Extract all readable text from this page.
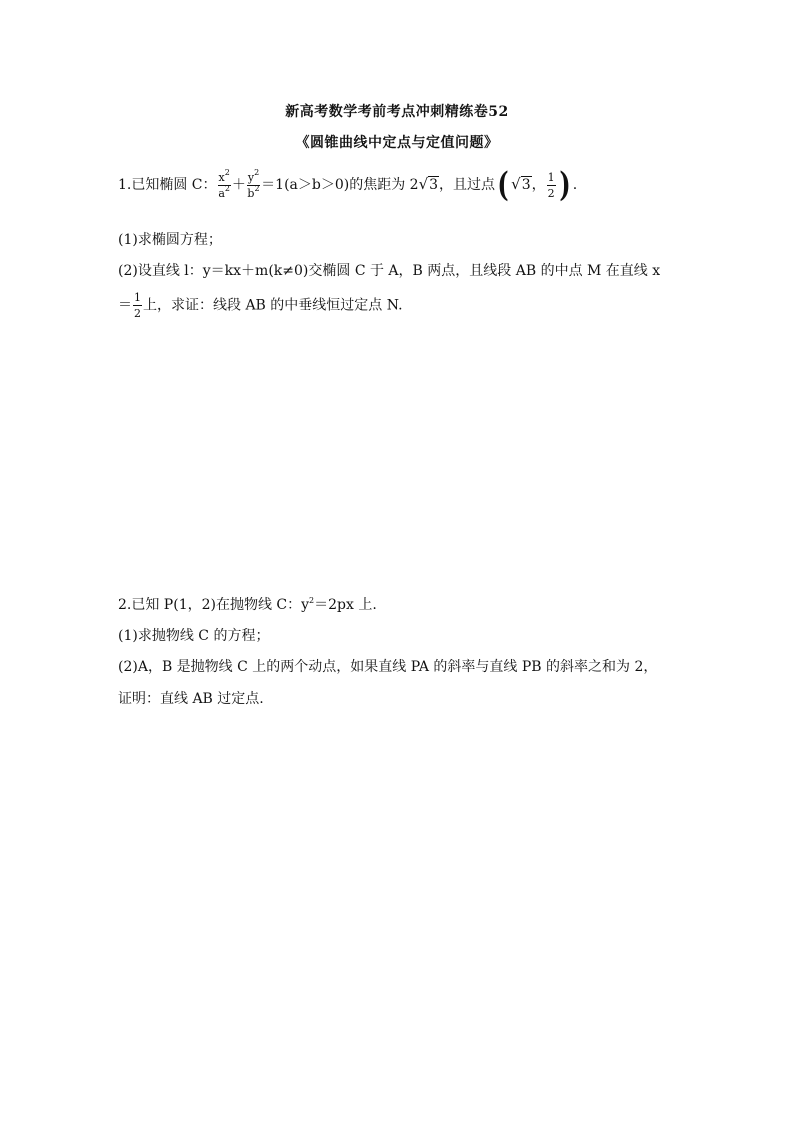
新高考数学考前考点冲刺精练卷52
《圆锥曲线中定点与定值问题》
1.已知椭圆 C： $\frac{x^2}{a^2} + \frac{y^2}{b^2} =1(a>b>0)$的焦距为 2√3，且过点( √3， $\frac{1}{2}$ ) .
(1)求椭圆方程；
(2)设直线 l：y＝kx＋m(k≠0)交椭圆 C 于 A，B 两点，且线段 AB 的中点 M 在直线 x
＝ $\frac{1}{2}$ 上，求证：线段 AB 的中垂线恒过定点 N.
2.已知 P(1，2)在抛物线 C：$y^2=2px$ 上.
(1)求抛物线 C 的方程；
(2)A，B 是抛物线 C 上的两个动点，如果直线 PA 的斜率与直线 PB 的斜率之和为 2，
证明：直线 AB 过定点.
